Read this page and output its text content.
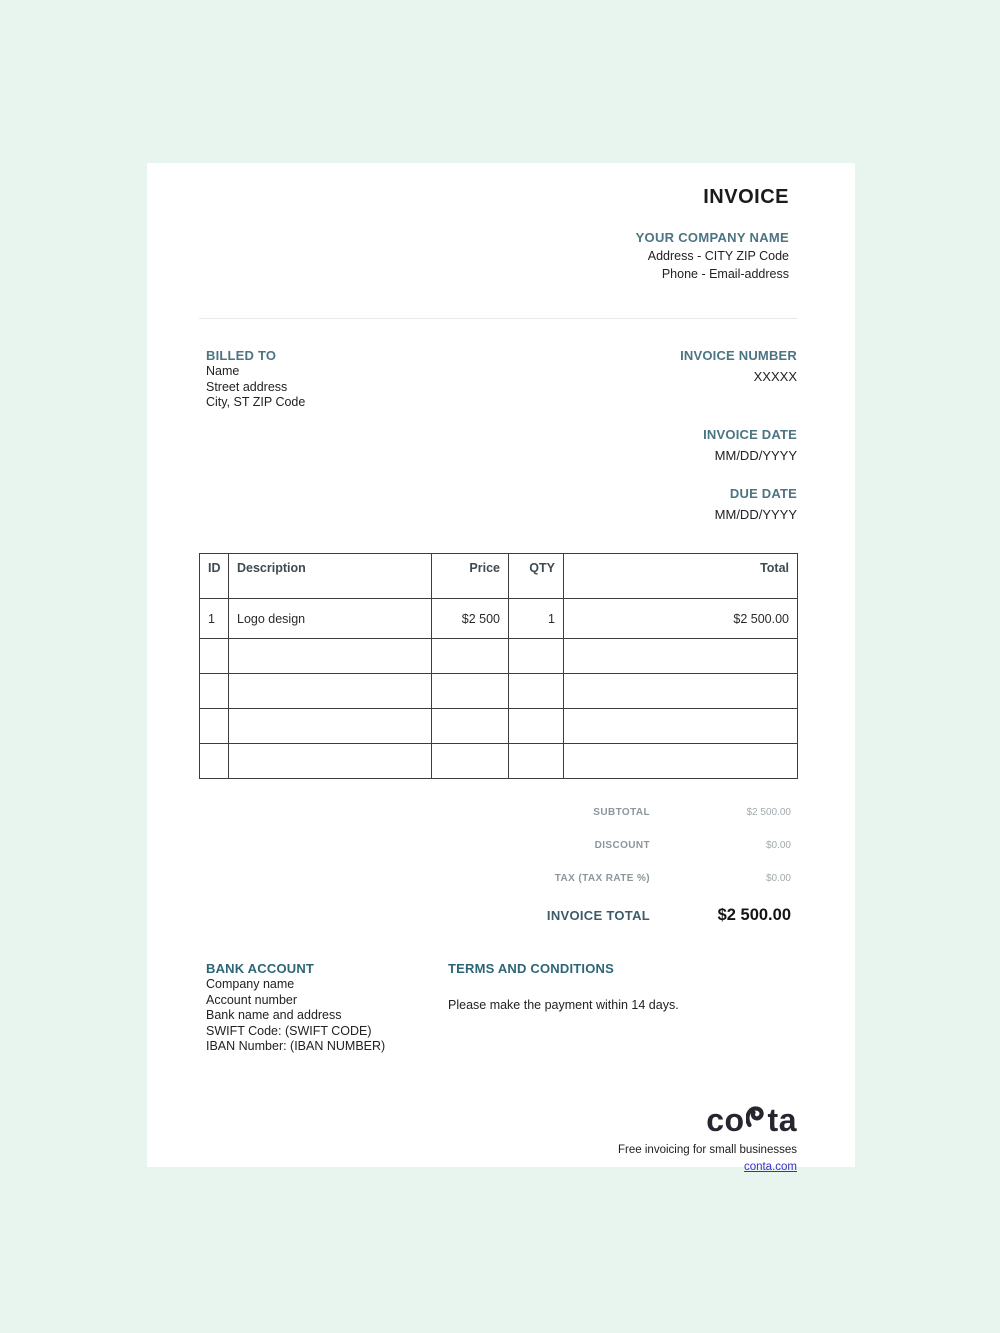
INVOICE
YOUR COMPANY NAME
Address - CITY ZIP Code
Phone - Email-address
BILLED TO
Name
Street address
City, ST ZIP Code
INVOICE NUMBER
XXXXX
INVOICE DATE
MM/DD/YYYY
DUE DATE
MM/DD/YYYY
ID	Description	Price	QTY	Total
1	Logo design	$2 500	1	$2 500.00

SUBTOTAL	$2 500.00
DISCOUNT	$0.00
TAX (TAX RATE %)	$0.00
INVOICE TOTAL	$2 500.00
BANK ACCOUNT
Company name
Account number
Bank name and address
SWIFT Code: (SWIFT CODE)
IBAN Number: (IBAN NUMBER)
TERMS AND CONDITIONS
Please make the payment within 14 days.
co ta
Free invoicing for small businesses
conta.com
